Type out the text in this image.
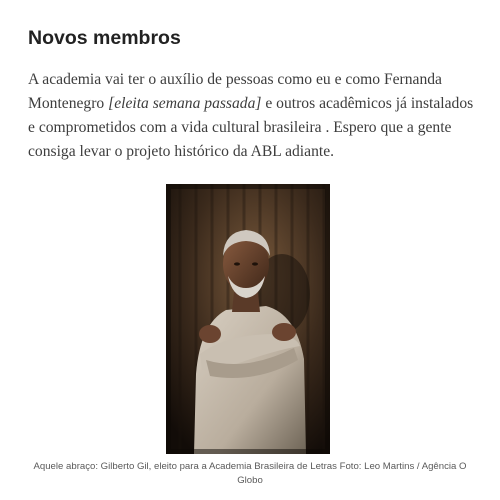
Novos membros

A academia vai ter o auxílio de pessoas como eu e como Fernanda Montenegro [eleita semana passada] e outros acadêmicos já instalados e comprometidos com a vida cultural brasileira . Espero que a gente consiga levar o projeto histórico da ABL adiante.

Aquele abraço: Gilberto Gil, eleito para a Academia Brasileira de Letras Foto: Leo Martins / Agência O Globo
